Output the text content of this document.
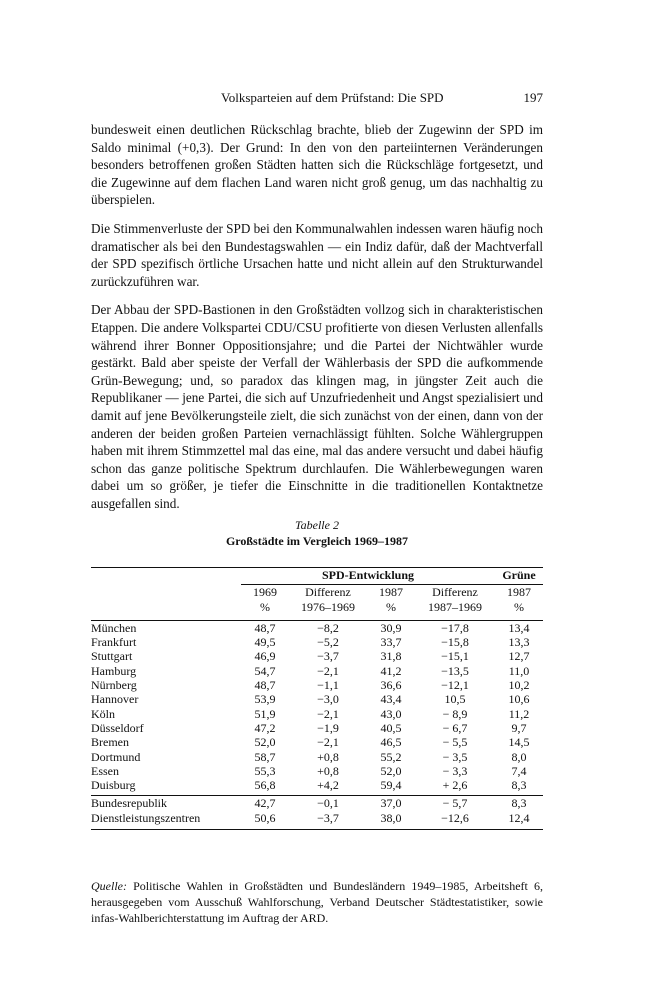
Volksparteien auf dem Prüfstand: Die SPD	197

bundesweit einen deutlichen Rückschlag brachte, blieb der Zugewinn der SPD im Saldo minimal (+0,3). Der Grund: In den von den parteiinternen Veränderungen besonders betroffenen großen Städten hatten sich die Rückschläge fortgesetzt, und die Zugewinne auf dem flachen Land waren nicht groß genug, um das nachhaltig zu überspielen.

Die Stimmenverluste der SPD bei den Kommunalwahlen indessen waren häufig noch dramatischer als bei den Bundestagswahlen — ein Indiz dafür, daß der Machtverfall der SPD spezifisch örtliche Ursachen hatte und nicht allein auf den Strukturwandel zurückzuführen war.

Der Abbau der SPD-Bastionen in den Großstädten vollzog sich in charakteristischen Etappen. Die andere Volkspartei CDU/CSU profitierte von diesen Verlusten allenfalls während ihrer Bonner Oppositionsjahre; und die Partei der Nichtwähler wurde gestärkt. Bald aber speiste der Verfall der Wählerbasis der SPD die aufkommende Grün-Bewegung; und, so paradox das klingen mag, in jüngster Zeit auch die Republikaner — jene Partei, die sich auf Unzufriedenheit und Angst spezialisiert und damit auf jene Bevölkerungsteile zielt, die sich zunächst von der einen, dann von der anderen der beiden großen Parteien vernachlässigt fühlten. Solche Wählergruppen haben mit ihrem Stimmzettel mal das eine, mal das andere versucht und dabei häufig schon das ganze politische Spektrum durchlaufen. Die Wählerbewegungen waren dabei um so größer, je tiefer die Einschnitte in die traditionellen Kontaktnetze ausgefallen sind.

Tabelle 2
Großstädte im Vergleich 1969–1987

	SPD-Entwicklung				Grüne
	1969	Differenz	1987	Differenz	1987
	%	1976–1969	%	1987–1969	%

München	48,7	−8,2	30,9	−17,8	13,4
Frankfurt	49,5	−5,2	33,7	−15,8	13,3
Stuttgart	46,9	−3,7	31,8	−15,1	12,7
Hamburg	54,7	−2,1	41,2	−13,5	11,0
Nürnberg	48,7	−1,1	36,6	−12,1	10,2
Hannover	53,9	−3,0	43,4	10,5	10,6
Köln	51,9	−2,1	43,0	− 8,9	11,2
Düsseldorf	47,2	−1,9	40,5	− 6,7	9,7
Bremen	52,0	−2,1	46,5	− 5,5	14,5
Dortmund	58,7	+0,8	55,2	− 3,5	8,0
Essen	55,3	+0,8	52,0	− 3,3	7,4
Duisburg	56,8	+4,2	59,4	+ 2,6	8,3

Bundesrepublik	42,7	−0,1	37,0	− 5,7	8,3
Dienstleistungszentren	50,6	−3,7	38,0	−12,6	12,4

Quelle: Politische Wahlen in Großstädten und Bundesländern 1949–1985, Arbeitsheft 6, herausgegeben vom Ausschuß Wahlforschung, Verband Deutscher Städtestatistiker, sowie infas-Wahlberichterstattung im Auftrag der ARD.
